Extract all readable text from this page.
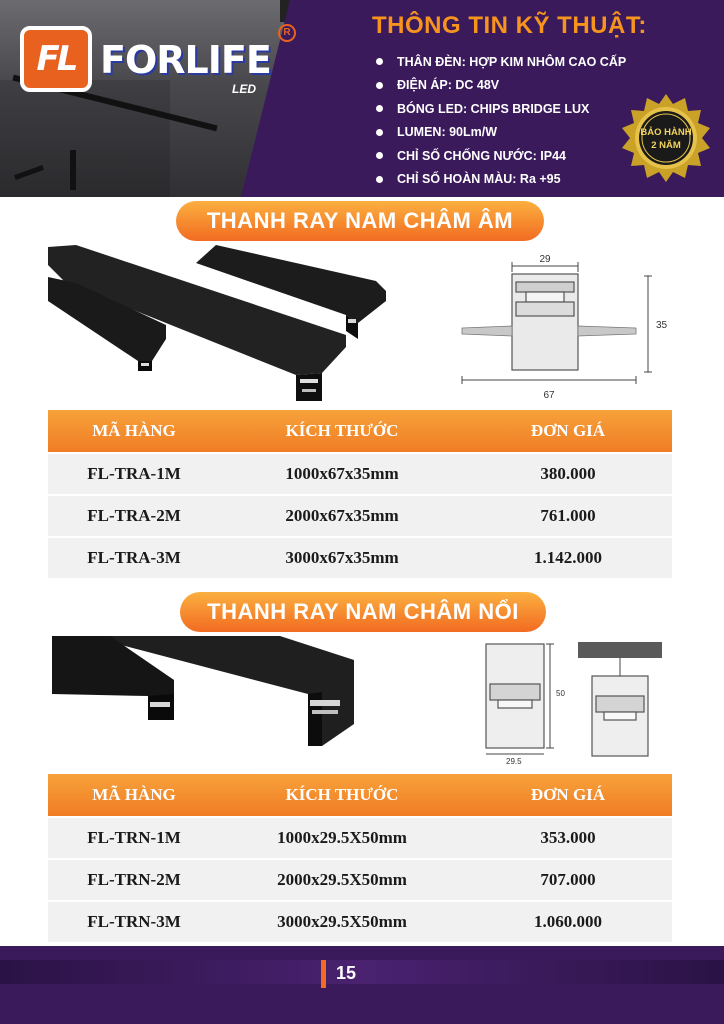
FL FORLIFE
LED
R	THÔNG TIN KỸ THUẬT:
THÂN ĐÈN: HỢP KIM NHÔM CAO CẤP
ĐIỆN ÁP: DC 48V
BÓNG LED: CHIPS BRIDGE LUX
LUMEN: 90Lm/W
CHỈ SỐ CHỐNG NƯỚC: IP44
CHỈ SỐ HOÀN MÀU: Ra +95
BẢO HÀNH
2 NĂM
THANH RAY NAM CHÂM ÂM
29
35
67
MÃ HÀNG	KÍCH THƯỚC	ĐƠN GIÁ
FL-TRA-1M	1000x67x35mm	380.000
FL-TRA-2M	2000x67x35mm	761.000
FL-TRA-3M	3000x67x35mm	1.142.000
THANH RAY NAM CHÂM NỔI
50
29.5
MÃ HÀNG	KÍCH THƯỚC	ĐƠN GIÁ
FL-TRN-1M	1000x29.5X50mm	353.000
FL-TRN-2M	2000x29.5X50mm	707.000
FL-TRN-3M	3000x29.5X50mm	1.060.000
15
